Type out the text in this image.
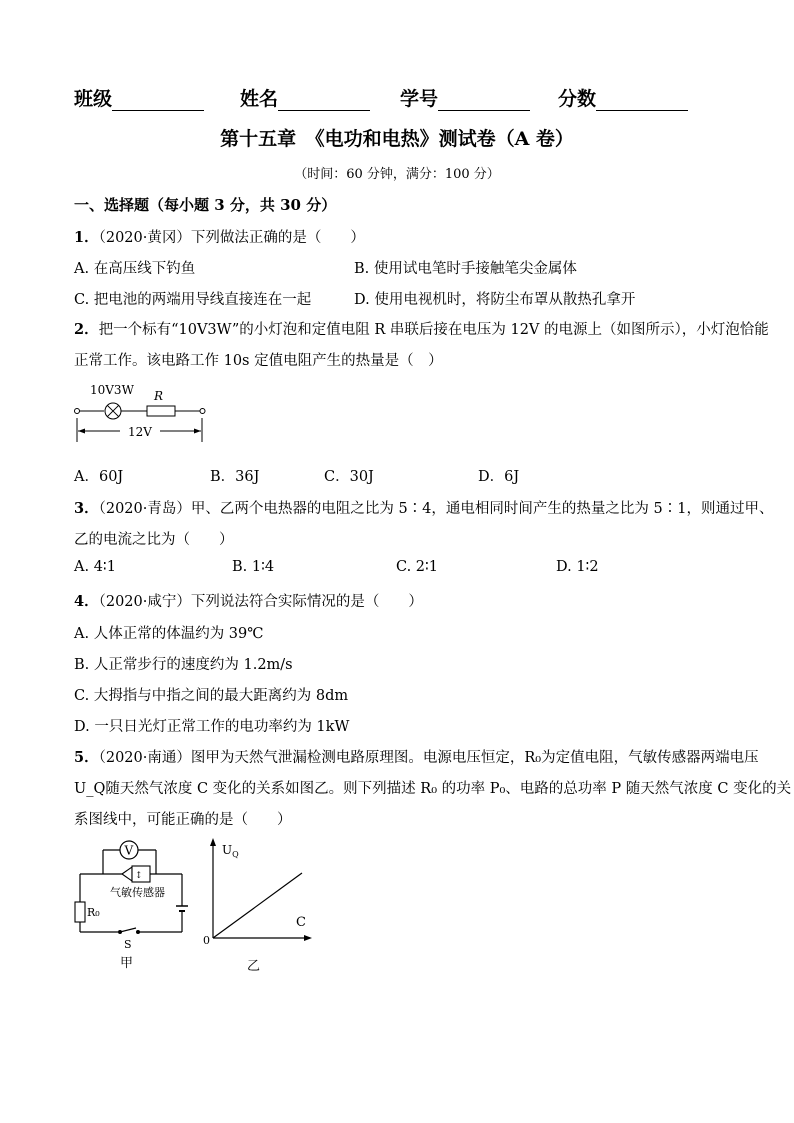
班级	姓名	学号	分数
第十五章　《电功和电热》测试卷（A 卷）
（时间：60 分钟，满分：100 分）
一、选择题（每小题 3 分，共 30 分）
1．（2020·黄冈）下列做法正确的是（　　）
A. 在高压线下钓鱼	B. 使用试电笔时手接触笔尖金属体
C. 把电池的两端用导线直接连在一起	D. 使用电视机时，将防尘布罩从散热孔拿开
2．把一个标有“10V3W”的小灯泡和定值电阻 R 串联后接在电压为 12V 的电源上（如图所示），小灯泡恰能
正常工作。该电路工作 10s 定值电阻产生的热量是（　）
10V3W R
12V
A．60J	B．36J	C．30J	D．6J
3．（2020·青岛）甲、乙两个电热器的电阻之比为 5∶4，通电相同时间产生的热量之比为 5∶1，则通过甲、
乙的电流之比为（　　）
A. 4∶1	B. 1∶4	C. 2∶1	D. 1∶2
4．（2020·咸宁）下列说法符合实际情况的是（　　）
A. 人体正常的体温约为 39℃
B. 人正常步行的速度约为 1.2m/s
C. 大拇指与中指之间的最大距离约为 8dm
D. 一只日光灯正常工作的电功率约为 1kW
5．（2020·南通）图甲为天然气泄漏检测电路原理图。电源电压恒定，R₀为定值电阻，气敏传感器两端电压
U_Q随天然气浓度 C 变化的关系如图乙。则下列描述 R₀ 的功率 P₀、电路的总功率 P 随天然气浓度 C 变化的关
系图线中，可能正确的是（　　）
V
↕
气敏传感器
R₀
S
甲
$U_Q$
C
0
乙
